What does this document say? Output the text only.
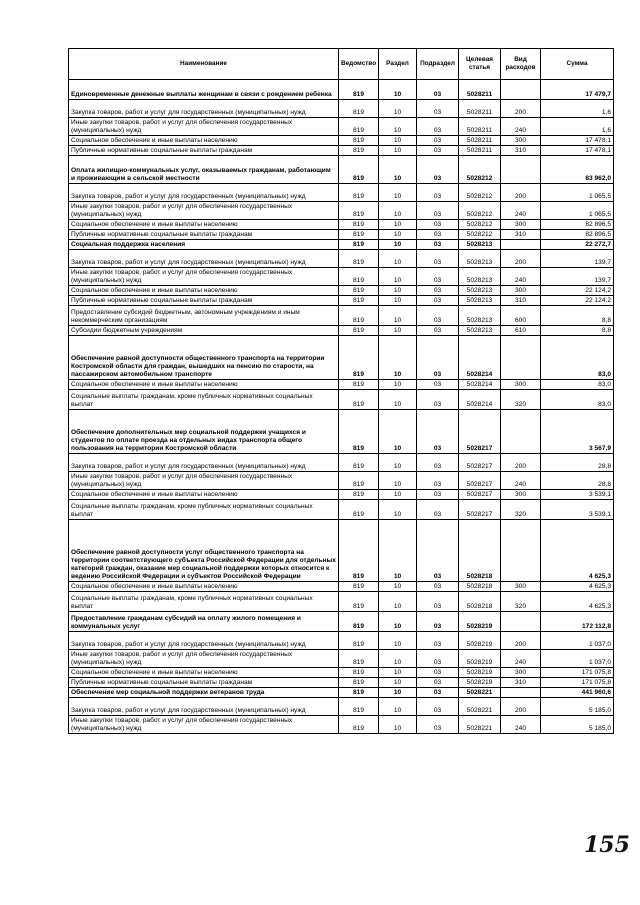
Наименование	Ведомство	Раздел	Подраздел	Целевая статья	Вид расходов	Сумма
Единовременные денежные выплаты женщинам в связи с рождением ребенка	819	10	03	5028211		17 479,7
Закупка товаров, работ и услуг для государственных (муниципальных) нужд	819	10	03	5028211	200	1,6
Иные закупки товаров, работ и услуг для обеспечения государственных (муниципальных) нужд	819	10	03	5028211	240	1,6
Социальное обеспечение и иные выплаты населению	819	10	03	5028211	300	17 478,1
Публичные нормативные социальные выплаты гражданам	819	10	03	5028211	310	17 478,1
Оплата жилищно-коммунальных услуг, оказываемых гражданам, работающим и проживающим в сельской местности	819	10	03	5028212		83 962,0
Закупка товаров, работ и услуг для государственных (муниципальных) нужд	819	10	03	5028212	200	1 065,5
Иные закупки товаров, работ и услуг для обеспечения государственных (муниципальных) нужд	819	10	03	5028212	240	1 065,5
Социальное обеспечение и иные выплаты населению	819	10	03	5028212	300	82 896,5
Публичные нормативные социальные выплаты гражданам	819	10	03	5028212	310	82 896,5
Социальная поддержка населения	819	10	03	5028213		22 272,7
Закупка товаров, работ и услуг для государственных (муниципальных) нужд	819	10	03	5028213	200	139,7
Иные закупки товаров, работ и услуг для обеспечения государственных (муниципальных) нужд	819	10	03	5028213	240	139,7
Социальное обеспечение и иные выплаты населению	819	10	03	5028213	300	22 124,2
Публичные нормативные социальные выплаты гражданам	819	10	03	5028213	310	22 124,2
Предоставление субсидий бюджетным, автономным учреждениям и иным некоммерческим организациям	819	10	03	5028213	600	8,8
Субсидии бюджетным учреждениям	819	10	03	5028213	610	8,8
Обеспечение равной доступности общественного транспорта на территории Костромской области для граждан, вышедших на пенсию по старости, на пассажирском автомобильном транспорте	819	10	03	5028214		83,0
Социальное обеспечение и иные выплаты населению	819	10	03	5028214	300	83,0
Социальные выплаты гражданам, кроме публичных нормативных социальных выплат	819	10	03	5028214	320	83,0
Обеспечение дополнительных мер социальной поддержки учащихся и студентов по оплате проезда на отдельных видах транспорта общего пользования на территории Костромской области	819	10	03	5028217		3 567,9
Закупка товаров, работ и услуг для государственных (муниципальных) нужд	819	10	03	5028217	200	28,8
Иные закупки товаров, работ и услуг для обеспечения государственных (муниципальных) нужд	819	10	03	5028217	240	28,8
Социальное обеспечение и иные выплаты населению	819	10	03	5028217	300	3 539,1
Социальные выплаты гражданам, кроме публичных нормативных социальных выплат	819	10	03	5028217	320	3 539,1
Обеспечение равной доступности услуг общественного транспорта на территории соответствующего субъекта Российской Федерации для отдельных категорий граждан, оказание мер социальной поддержки которых относится к ведению Российской Федерации и субъектов Российской Федерации	819	10	03	5028218		4 625,3
Социальное обеспечение и иные выплаты населению	819	10	03	5028218	300	4 625,3
Социальные выплаты гражданам, кроме публичных нормативных социальных выплат	819	10	03	5028218	320	4 625,3
Предоставление гражданам субсидий на оплату жилого помещения и коммунальных услуг	819	10	03	5028219		172 112,8
Закупка товаров, работ и услуг для государственных (муниципальных) нужд	819	10	03	5028219	200	1 037,0
Иные закупки товаров, работ и услуг для обеспечения государственных (муниципальных) нужд	819	10	03	5028219	240	1 037,0
Социальное обеспечение и иные выплаты населению	819	10	03	5028219	300	171 075,8
Публичные нормативные социальные выплаты гражданам	819	10	03	5028219	310	171 075,8
Обеспечение мер социальной поддержки ветеранов труда	819	10	03	5028221		441 960,6
Закупка товаров, работ и услуг для государственных (муниципальных) нужд	819	10	03	5028221	200	5 185,0
Иные закупки товаров, работ и услуг для обеспечения государственных (муниципальных) нужд	819	10	03	5028221	240	5 185,0
155
